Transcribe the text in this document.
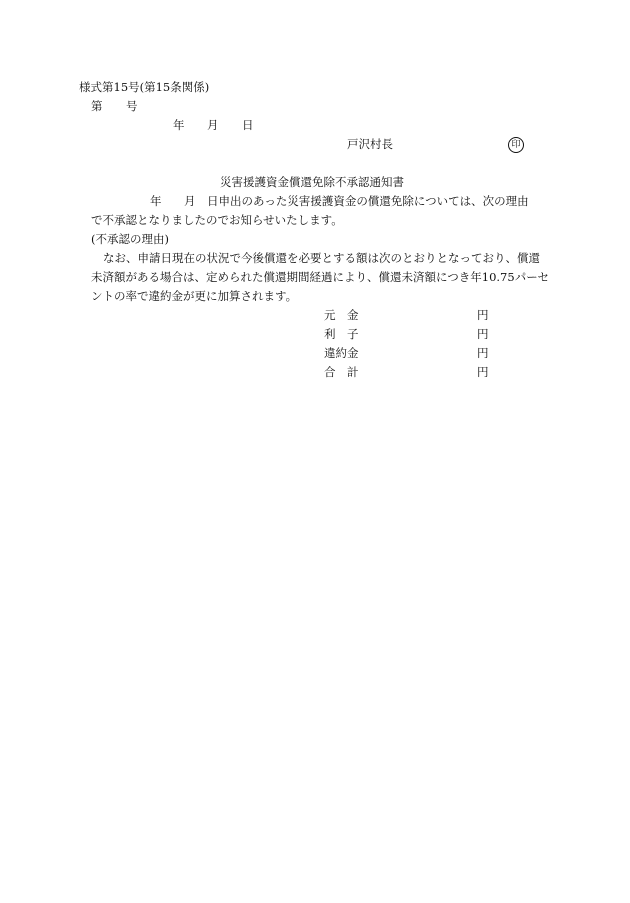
様式第15号(第15条関係)
第 号
年 月 日
戸沢村長	印
災害援護資金償還免除不承認通知書
年 月 日申出のあった災害援護資金の償還免除については、次の理由
で不承認となりましたのでお知らせいたします。
(不承認の理由)
なお、申請日現在の状況で今後償還を必要とする額は次のとおりとなっており、償還
未済額がある場合は、定められた償還期間経過により、償還未済額につき年10.75パーセ
ントの率で違約金が更に加算されます。
元　金	円
利　子	円
違約金	円
合　計	円
